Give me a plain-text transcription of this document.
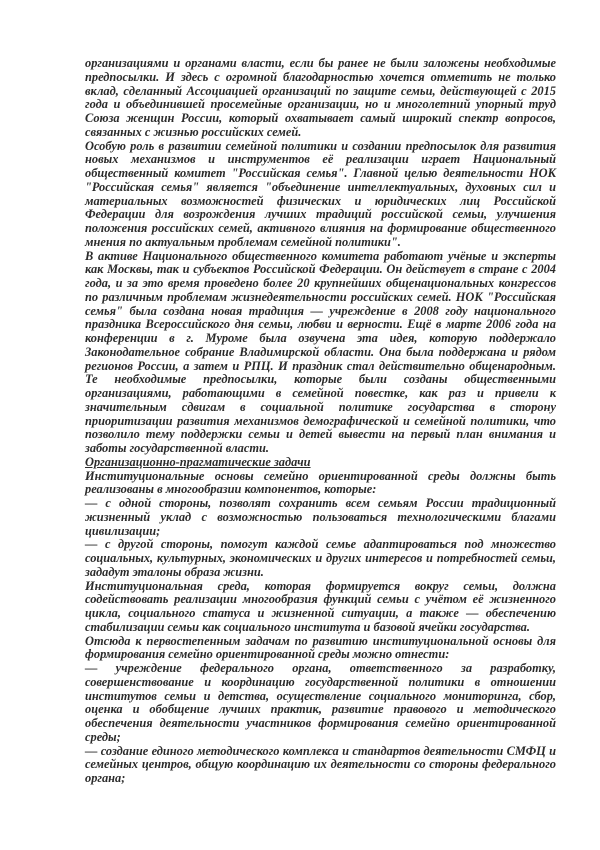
организациями и органами власти, если бы ранее не были заложены необходимые предпосылки. И здесь с огромной благодарностью хочется отметить не только вклад, сделанный Ассоциацией организаций по защите семьи, действующей с 2015 года и объединившей просемейные организации, но и многолетний упорный труд Союза женщин России, который охватывает самый широкий спектр вопросов, связанных с жизнью российских семей.

Особую роль в развитии семейной политики и создании предпосылок для развития новых механизмов и инструментов её реализации играет Национальный общественный комитет "Российская семья". Главной целью деятельности НОК "Российская семья" является "объединение интеллектуальных, духовных сил и материальных возможностей физических и юридических лиц Российской Федерации для возрождения лучших традиций российской семьи, улучшения положения российских семей, активного влияния на формирование общественного мнения по актуальным проблемам семейной политики".

В активе Национального общественного комитета работают учёные и эксперты как Москвы, так и субъектов Российской Федерации. Он действует в стране с 2004 года, и за это время проведено более 20 крупнейших общенациональных конгрессов по различным проблемам жизнедеятельности российских семей. НОК "Российская семья" была создана новая традиция — учреждение в 2008 году национального праздника Всероссийского дня семьи, любви и верности. Ещё в марте 2006 года на конференции в г. Муроме была озвучена эта идея, которую поддержало Законодательное собрание Владимирской области. Она была поддержана и рядом регионов России, а затем и РПЦ. И праздник стал действительно общенародным. Те необходимые предпосылки, которые были созданы общественными организациями, работающими в семейной повестке, как раз и привели к значительным сдвигам в социальной политике государства в сторону приоритизации развития механизмов демографической и семейной политики, что позволило тему поддержки семьи и детей вывести на первый план внимания и заботы государственной власти.

Организационно-прагматические задачи

Институциональные основы семейно ориентированной среды должны быть реализованы в многообразии компонентов, которые:

— с одной стороны, позволят сохранить всем семьям России традиционный жизненный уклад с возможностью пользоваться технологическими благами цивилизации;

— с другой стороны, помогут каждой семье адаптироваться под множество социальных, культурных, экономических и других интересов и потребностей семьи, зададут эталоны образа жизни.

Институциональная среда, которая формируется вокруг семьи, должна содействовать реализации многообразия функций семьи с учётом её жизненного цикла, социального статуса и жизненной ситуации, а также — обеспечению стабилизации семьи как социального института и базовой ячейки государства.

Отсюда к первостепенным задачам по развитию институциональной основы для формирования семейно ориентированной среды можно отнести:

— учреждение федерального органа, ответственного за разработку, совершенствование и координацию государственной политики в отношении институтов семьи и детства, осуществление социального мониторинга, сбор, оценка и обобщение лучших практик, развитие правового и методического обеспечения деятельности участников формирования семейно ориентированной среды;

— создание единого методического комплекса и стандартов деятельности СМФЦ и семейных центров, общую координацию их деятельности со стороны федерального органа;
